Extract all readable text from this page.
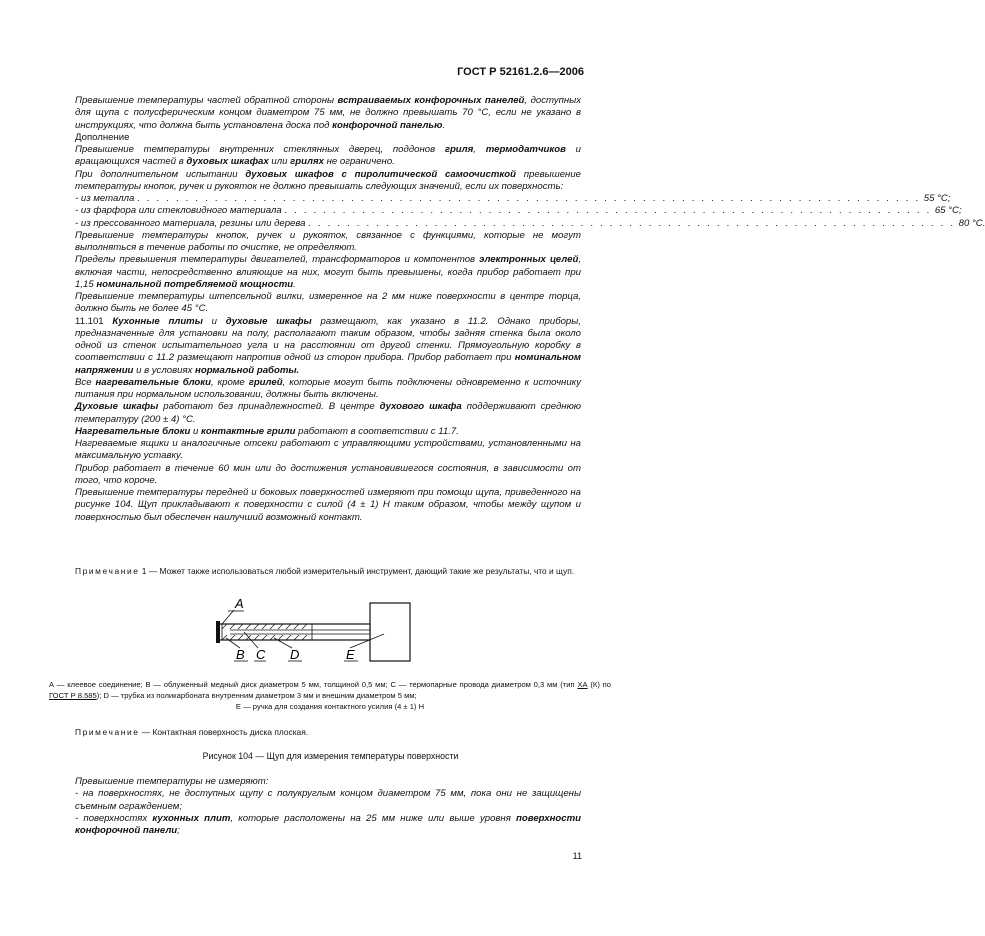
ГОСТ Р 52161.2.6—2006

Превышение температуры частей обратной стороны встраиваемых конфорочных панелей, доступных для щупа с полусферическим концом диаметром 75 мм, не должно превышать 70 °С, если не указано в инструкциях, что должна быть установлена доска под конфорочной панелью.

Дополнение

Превышение температуры внутренних стеклянных дверец, поддонов гриля, термодатчиков и вращающихся частей в духовых шкафах или грилях не ограничено.

При дополнительном испытании духовых шкафов с пиролитической самоочисткой превышение температуры кнопок, ручек и рукояток не должно превышать следующих значений, если их поверхность:

- из металла . . . . . . . . . . . . . . . . . . . . . . . . . . . . . . . . . . . . . . . . . . . . . . . . . . . . . . . . . . . . . . . . . . . . . . . . . . . . . . . . . 55 °С;
- из фарфора или стекловидного материала . . . . . . . . . . . . . . . . . . . . . . . . . . . . . . . . . . . . . . . . . . . . . . . . . . . . . . . . . . . . . . . . . . . 65 °С;
- из прессованного материала, резины или дерева . . . . . . . . . . . . . . . . . . . . . . . . . . . . . . . . . . . . . . . . . . . . . . . . . . . . . . . . . . . . . . . . . . . 80 °С.

Превышение температуры кнопок, ручек и рукояток, связанное с функциями, которые не могут выполняться в течение работы по очистке, не определяют.

Пределы превышения температуры двигателей, трансформаторов и компонентов электронных целей, включая части, непосредственно влияющие на них, могут быть превышены, когда прибор работает при 1,15 номинальной потребляемой мощности.

Превышение температуры штепсельной вилки, измеренное на 2 мм ниже поверхности в центре торца, должно быть не более 45 °С.

11.101 Кухонные плиты и духовые шкафы размещают, как указано в 11.2. Однако приборы, предназначенные для установки на полу, располагают таким образом, чтобы задняя стенка была около одной из стенок испытательного угла и на расстоянии от другой стенки. Прямоугольную коробку в соответствии с 11.2 размещают напротив одной из сторон прибора. Прибор работает при номинальном напряжении и в условиях нормальной работы.

Все нагревательные блоки, кроме грилей, которые могут быть подключены одновременно к источнику питания при нормальном использовании, должны быть включены.

Духовые шкафы работают без принадлежностей. В центре духового шкафа поддерживают среднюю температуру (200 ± 4) °С.

Нагревательные блоки и контактные грили работают в соответствии с 11.7.

Нагреваемые ящики и аналогичные отсеки работают с управляющими устройствами, установленными на максимальную уставку.

Прибор работает в течение 60 мин или до достижения установившегося состояния, в зависимости от того, что короче.

Превышение температуры передней и боковых поверхностей измеряют при помощи щупа, приведенного на рисунке 104. Щуп прикладывают к поверхности с силой (4 ± 1) Н таким образом, чтобы между щупом и поверхностью был обеспечен наилучший возможный контакт.

Примечание 1 — Может также использоваться любой измерительный инструмент, дающий такие же результаты, что и щуп.
A
B C D	E
А — клеевое соединение; В — облуженный медный диск диаметром 5 мм, толщиной 0,5 мм; С — термопарные провода диаметром 0,3 мм (тип ХА (К) по ГОСТ Р 8.585); D — трубка из поликарбоната внутренним диаметром 3 мм и внешним диаметром 5 мм;
Е — ручка для создания контактного усилия (4 ± 1) Н
Примечание — Контактная поверхность диска плоская.
Рисунок 104 — Щуп для измерения температуры поверхности

Превышение температуры не измеряют:

- на поверхностях, не доступных щупу с полукруглым концом диаметром 75 мм, пока они не защищены съемным ограждением;

- поверхностях кухонных плит, которые расположены на 25 мм ниже или выше уровня поверхности конфорочной панели;

11
